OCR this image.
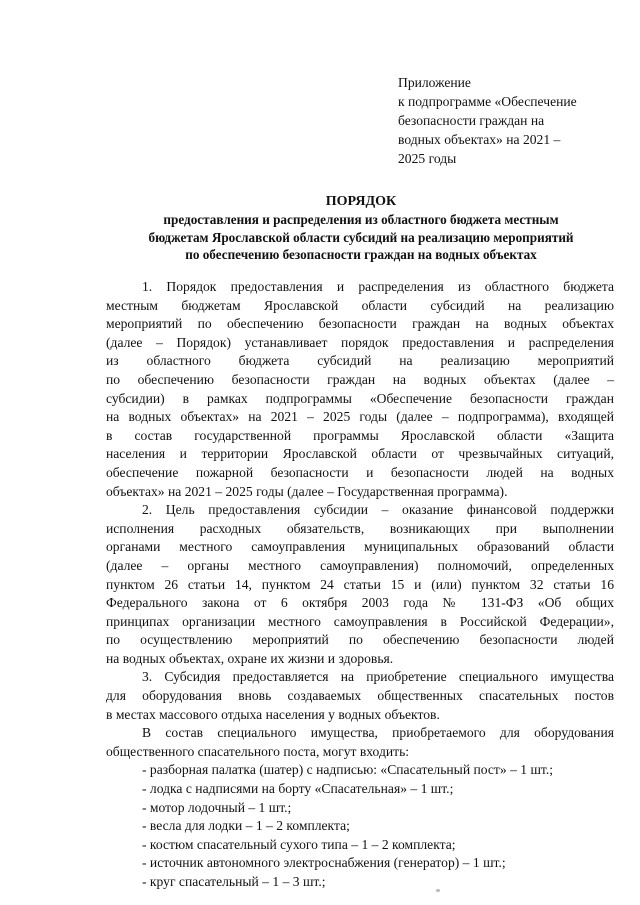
Приложение
к подпрограмме «Обеспечение
безопасности граждан на
водных объектах» на 2021 –
2025 годы
ПОРЯДОК
предоставления и распределения из областного бюджета местным
бюджетам Ярославской области субсидий на реализацию мероприятий
по обеспечению безопасности граждан на водных объектах
1. Порядок предоставления и распределения из областного бюджета
местным бюджетам Ярославской области субсидий на реализацию
мероприятий по обеспечению безопасности граждан на водных объектах
(далее – Порядок) устанавливает порядок предоставления и распределения
из областного бюджета субсидий на реализацию мероприятий
по обеспечению безопасности граждан на водных объектах (далее –
субсидии) в рамках подпрограммы «Обеспечение безопасности граждан
на водных объектах» на 2021 – 2025 годы (далее – подпрограмма), входящей
в состав государственной программы Ярославской области «Защита
населения и территории Ярославской области от чрезвычайных ситуаций,
обеспечение пожарной безопасности и безопасности людей на водных
объектах» на 2021 – 2025 годы (далее – Государственная программа).
2. Цель предоставления субсидии – оказание финансовой поддержки
исполнения расходных обязательств, возникающих при выполнении
органами местного самоуправления муниципальных образований области
(далее – органы местного самоуправления) полномочий, определенных
пунктом 26 статьи 14, пунктом 24 статьи 15 и (или) пунктом 32 статьи 16
Федерального закона от 6 октября 2003 года № 131-ФЗ «Об общих
принципах организации местного самоуправления в Российской Федерации»,
по осуществлению мероприятий по обеспечению безопасности людей
на водных объектах, охране их жизни и здоровья.
3. Субсидия предоставляется на приобретение специального имущества
для оборудования вновь создаваемых общественных спасательных постов
в местах массового отдыха населения у водных объектов.
В состав специального имущества, приобретаемого для оборудования
общественного спасательного поста, могут входить:
- разборная палатка (шатер) с надписью: «Спасательный пост» – 1 шт.;
- лодка с надписями на борту «Спасательная» – 1 шт.;
- мотор лодочный – 1 шт.;
- весла для лодки – 1 – 2 комплекта;
- костюм спасательный сухого типа – 1 – 2 комплекта;
- источник автономного электроснабжения (генератор) – 1 шт.;
- круг спасательный – 1 – 3 шт.;
